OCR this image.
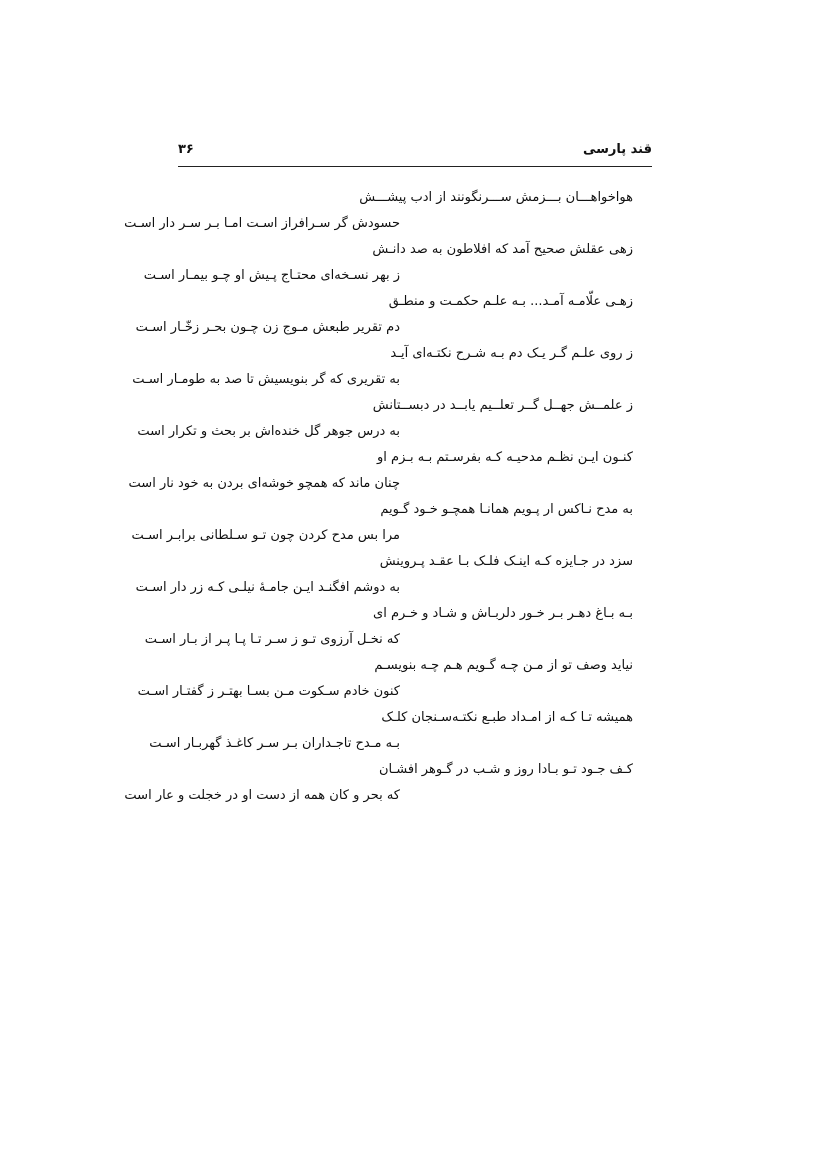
قند پارسی
۳۶
هواخواهـــان بـــزمش ســـرنگونند از ادب پیشـــش
حسودش گر سـرافراز اسـت امـا بـر سـر دار اسـت
زهی عقلش صحیح آمد که افلاطون به صد دانـش
ز بهر نسـخه‌ای محتـاج پـیش او چـو بیمـار اسـت
زهـی علّامـه آمـد... بـه علـم حکمـت و منطـق
دم تقریر طبعش مـوج زن چـون بحـر زخّـار اسـت
ز روی علـم گـر یـک دم بـه شـرح نکتـه‌ای آیـد
به تقریری که گر بنویسیش تا صد به طومـار اسـت
ز علمــش جهــل گــر تعلــیم یابــد در دبســتانش
به درس جوهر گل خنده‌اش بر بحث و تکرار است
کنـون ایـن نظـم مدحیـه کـه بفرسـتم بـه بـزم او
چنان ماند که همچو خوشه‌ای بردن به خود نار است
به مدح نـاکس ار پـویم همانـا همچـو خـود گـویم
مرا بس مدح کردن چون تـو سـلطانی برابـر اسـت
سزد در جـایزه کـه اینـک فلـک بـا عقـد پـروینش
به دوشم افگنـد ایـن جامـهٔ نیلـی کـه زر دار اسـت
بـه بـاغ دهـر بـر خـور دلربـاش و شـاد و خـرم ای
که نخـل آرزوی تـو ز سـر تـا پـا پـر از بـار اسـت
نیاید وصف تو از مـن چـه گـویم هـم چـه بنویسـم
کنون خادم سـکوت مـن بسـا بهتـر ز گفتـار اسـت
همیشه تـا کـه از امـداد طبـع نکتـه‌سـنجان کلـک
بـه مـدح تاجـداران بـر سـر کاغـذ گهربـار اسـت
کـف جـود تـو بـادا روز و شـب در گـوهر افشـان
که بحر و کان همه از دست او در خجلت و عار است
